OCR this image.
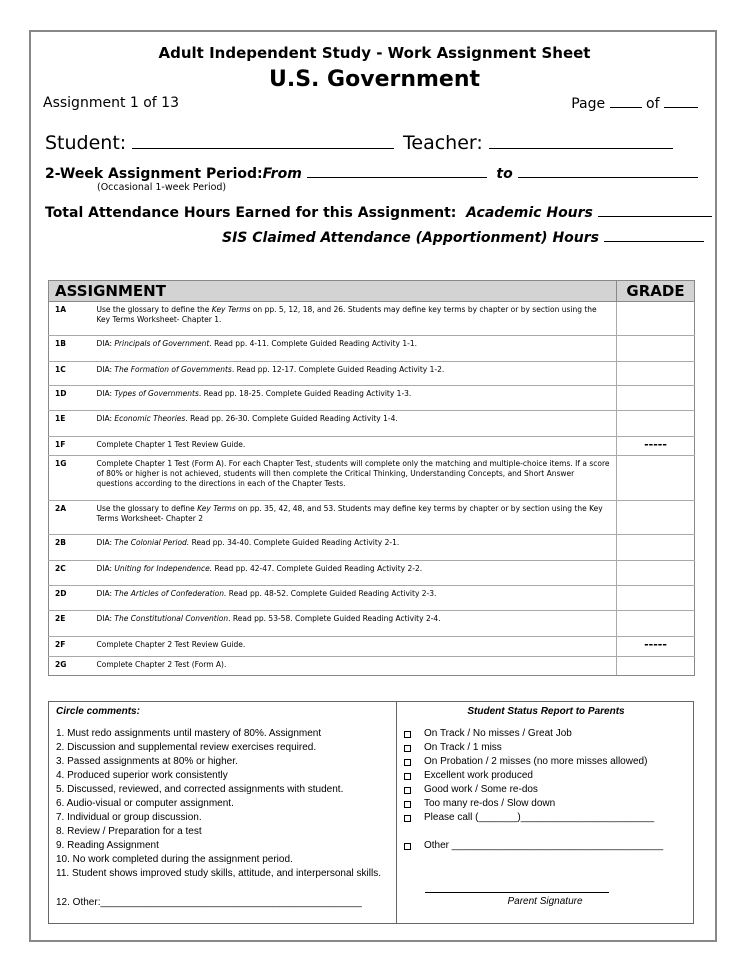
Adult Independent Study - Work Assignment Sheet
U.S. Government
Assignment 1 of 13	Page	of
Student:	Teacher:
2-Week Assignment Period:From	to
(Occasional 1-week Period)
Total Attendance Hours Earned for this Assignment: Academic Hours
SIS Claimed Attendance (Apportionment) Hours
ASSIGNMENT		GRADE
1A	Use the glossary to define the Key Terms on pp. 5, 12, 18, and 26. Students may define key terms by chapter or by section using the Key Terms Worksheet- Chapter 1.	
1B	DIA: Principals of Government. Read pp. 4-11. Complete Guided Reading Activity 1-1.	
1C	DIA: The Formation of Governments. Read pp. 12-17. Complete Guided Reading Activity 1-2.	
1D	DIA: Types of Governments. Read pp. 18-25. Complete Guided Reading Activity 1-3.	
1E	DIA: Economic Theories. Read pp. 26-30. Complete Guided Reading Activity 1-4.	
1F	Complete Chapter 1 Test Review Guide.	-----
1G	Complete Chapter 1 Test (Form A). For each Chapter Test, students will complete only the matching and multiple-choice items. If a score of 80% or higher is not achieved, students will then complete the Critical Thinking, Understanding Concepts, and Short Answer questions according to the directions in each of the Chapter Tests.	
2A	Use the glossary to define Key Terms on pp. 35, 42, 48, and 53. Students may define key terms by chapter or by section using the Key Terms Worksheet- Chapter 2	
2B	DIA: The Colonial Period. Read pp. 34-40. Complete Guided Reading Activity 2-1.	
2C	DIA: Uniting for Independence. Read pp. 42-47. Complete Guided Reading Activity 2-2.	
2D	DIA: The Articles of Confederation. Read pp. 48-52. Complete Guided Reading Activity 2-3.	
2E	DIA: The Constitutional Convention. Read pp. 53-58. Complete Guided Reading Activity 2-4.	
2F	Complete Chapter 2 Test Review Guide.	-----
2G	Complete Chapter 2 Test (Form A).	
Circle comments:
1. Must redo assignments until mastery of 80%. Assignment
2. Discussion and supplemental review exercises required.
3. Passed assignments at 80% or higher.
4. Produced superior work consistently
5. Discussed, reviewed, and corrected assignments with student.
6. Audio-visual or computer assignment.
7. Individual or group discussion.
8. Review / Preparation for a test
9. Reading Assignment
10. No work completed during the assignment period.
11. Student shows improved study skills, attitude, and interpersonal skills.
12. Other:_______________________________________________
Student Status Report to Parents
On Track / No misses / Great Job
On Track / 1 miss
On Probation / 2 misses (no more misses allowed)
Excellent work produced
Good work / Some re-dos
Too many re-dos / Slow down
Please call (_______)________________________
Other ______________________________________
Parent Signature
